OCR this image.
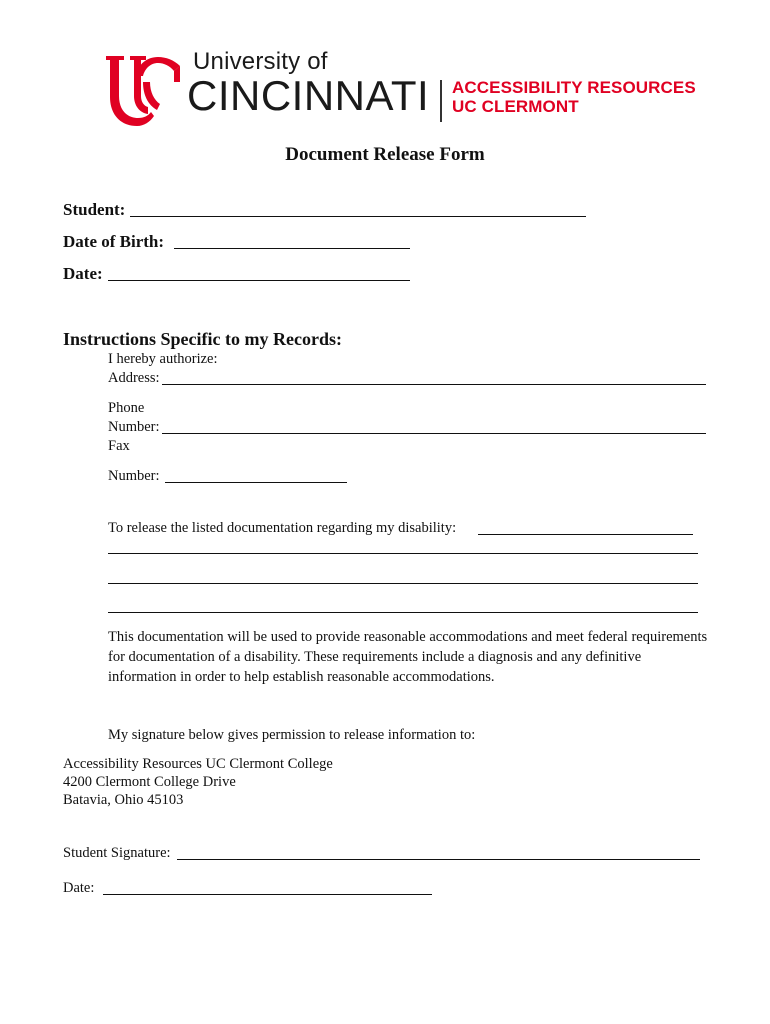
University of
CINCINNATI ACCESSIBILITY RESOURCES
UC CLERMONT
Document Release Form
Student:
Date of Birth:
Date:
Instructions Specific to my Records:
I hereby authorize:
Address:
Phone
Number:
Fax
Number:
To release the listed documentation regarding my disability:
This documentation will be used to provide reasonable accommodations and meet federal requirements for documentation of a disability. These requirements include a diagnosis and any definitive information in order to help establish reasonable accommodations.
My signature below gives permission to release information to:
Accessibility Resources UC Clermont College
4200 Clermont College Drive
Batavia, Ohio 45103
Student Signature:
Date:
